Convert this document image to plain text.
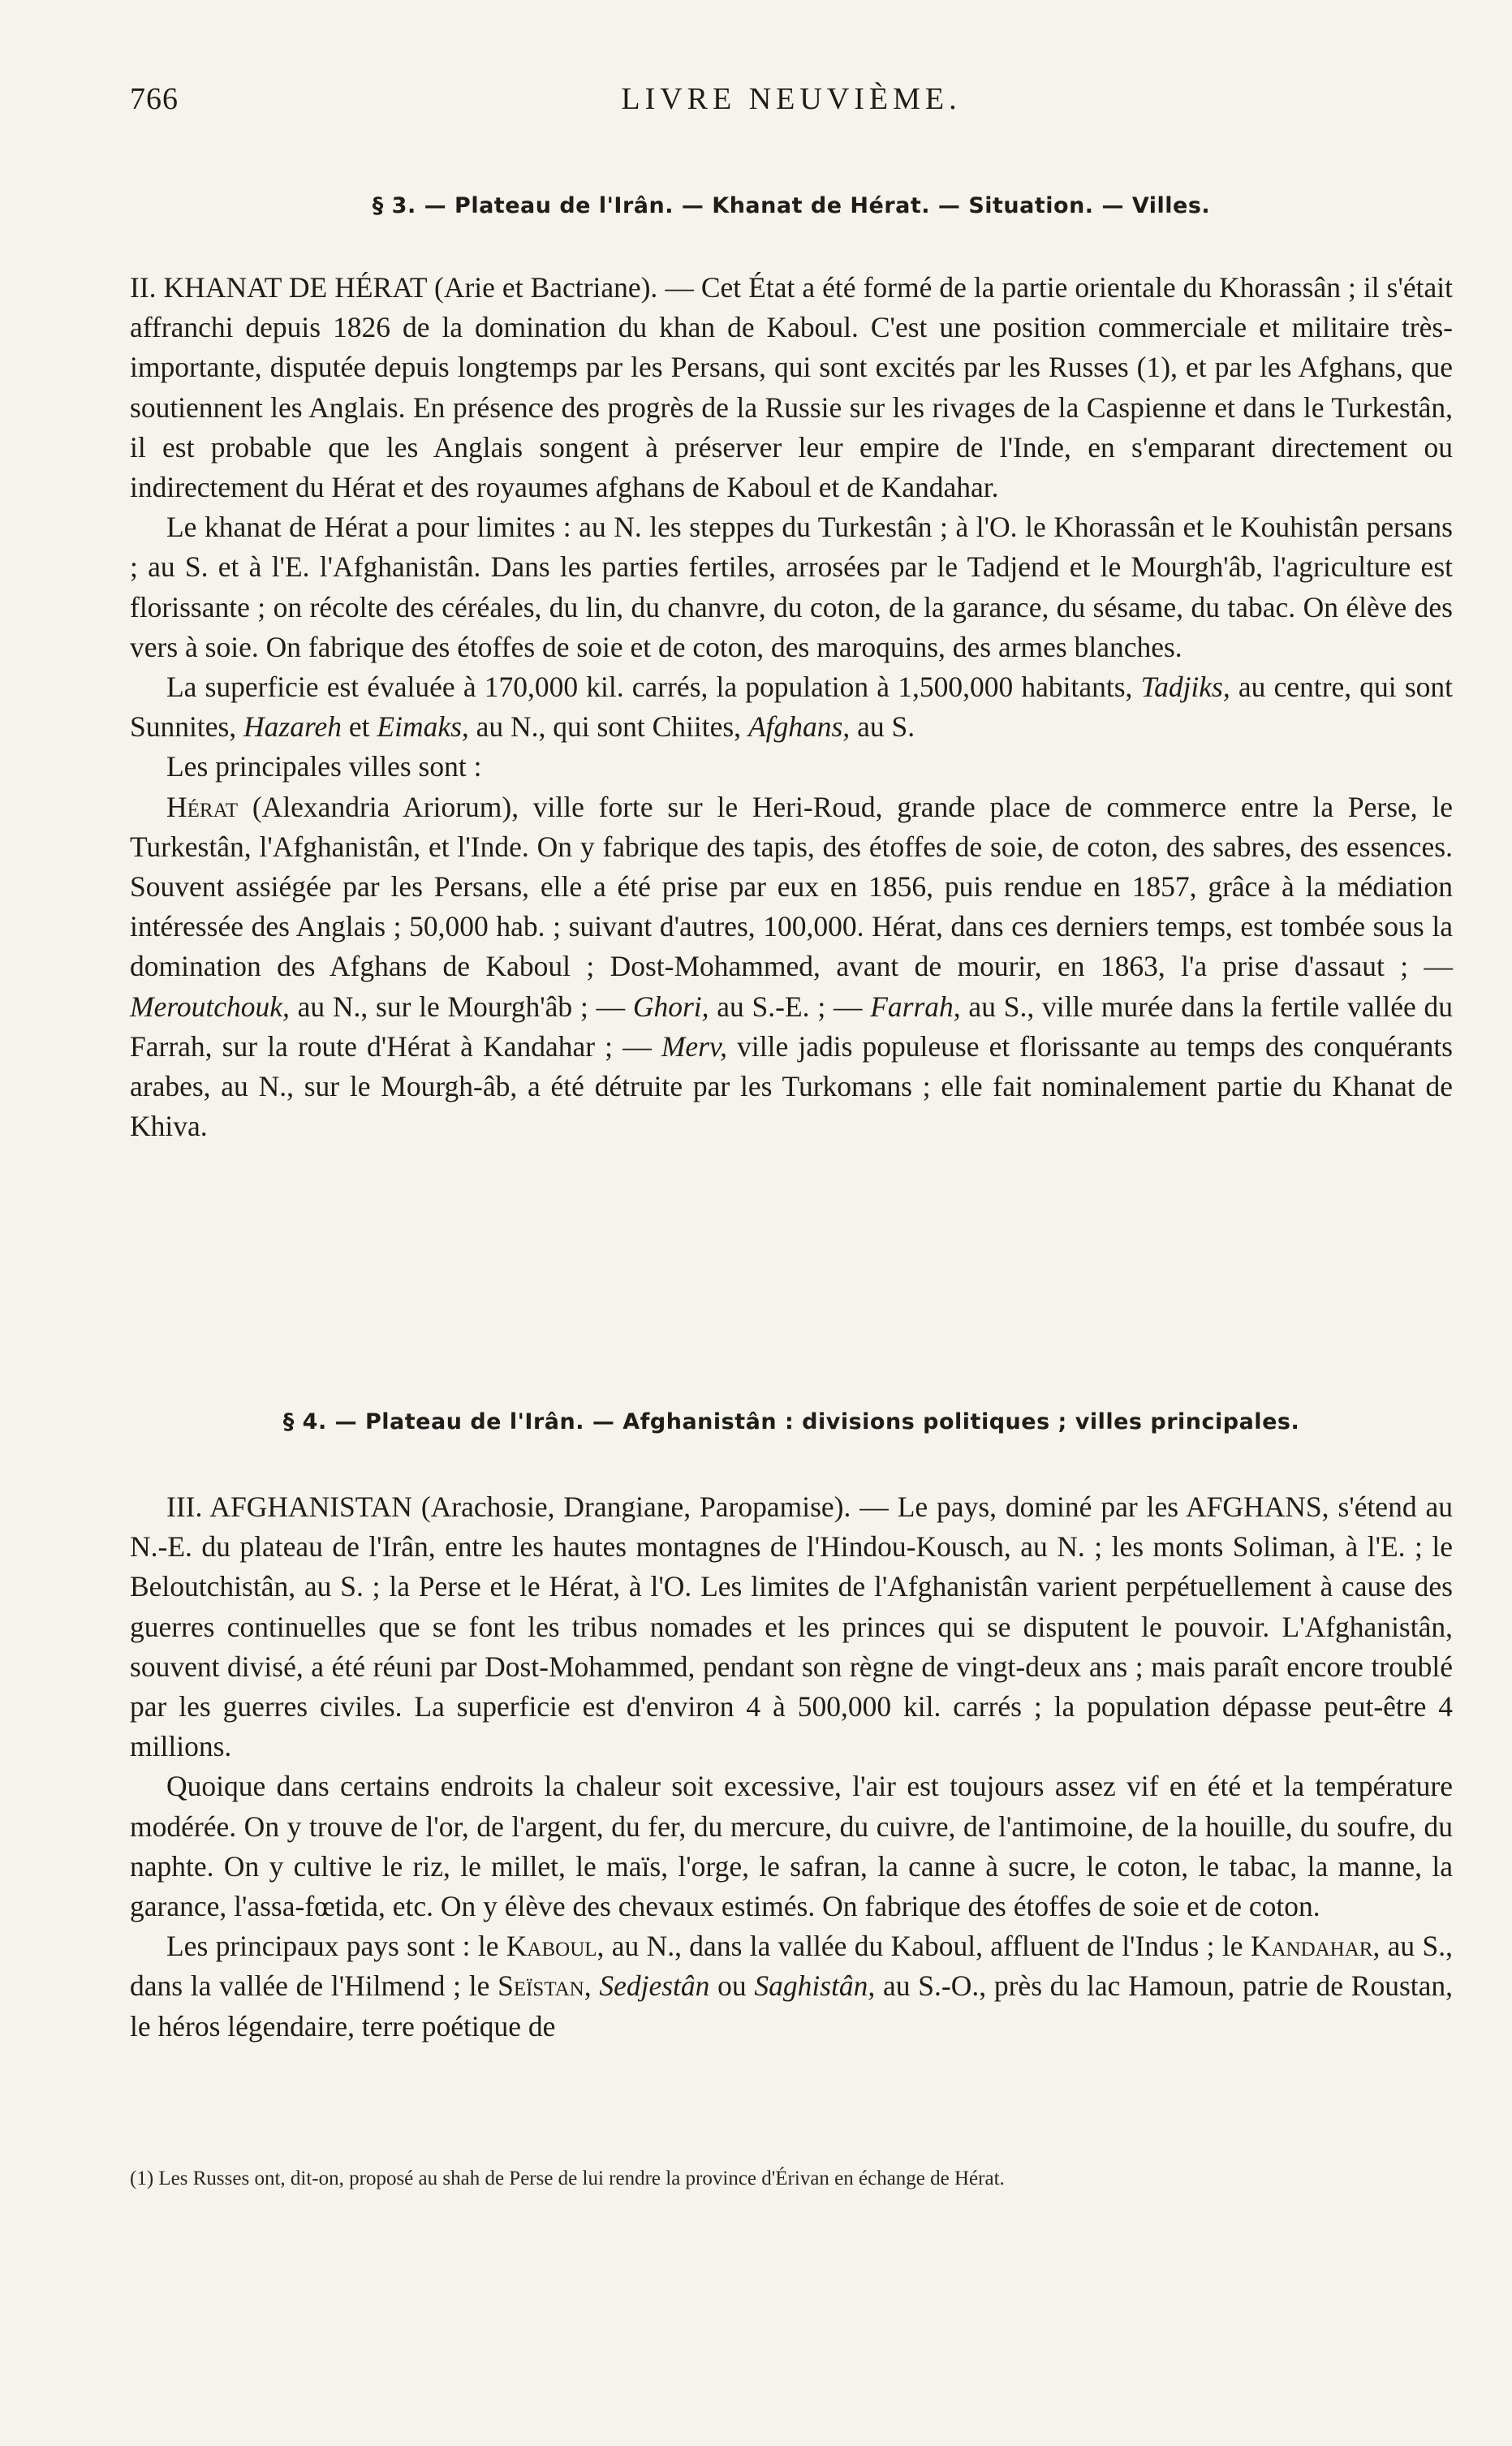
766	LIVRE NEUVIÈME.
§ 3. — Plateau de l'Irân. — Khanat de Hérat. — Situation. — Villes.

II. KHANAT DE HÉRAT (Arie et Bactriane). — Cet État a été formé de la partie orientale du Khorassân ; il s'était affranchi depuis 1826 de la domination du khan de Kaboul. C'est une position commerciale et militaire très-importante, disputée depuis longtemps par les Persans, qui sont excités par les Russes (1), et par les Afghans, que soutiennent les Anglais. En présence des progrès de la Russie sur les rivages de la Caspienne et dans le Turkestân, il est probable que les Anglais songent à préserver leur empire de l'Inde, en s'emparant directement ou indirectement du Hérat et des royaumes afghans de Kaboul et de Kandahar.

Le khanat de Hérat a pour limites : au N. les steppes du Turkestân ; à l'O. le Khorassân et le Kouhistân persans ; au S. et à l'E. l'Afghanistân. Dans les parties fertiles, arrosées par le Tadjend et le Mourgh'âb, l'agriculture est florissante ; on récolte des céréales, du lin, du chanvre, du coton, de la garance, du sésame, du tabac. On élève des vers à soie. On fabrique des étoffes de soie et de coton, des maroquins, des armes blanches.

La superficie est évaluée à 170,000 kil. carrés, la population à 1,500,000 habitants, Tadjiks, au centre, qui sont Sunnites, Hazareh et Eimaks, au N., qui sont Chiites, Afghans, au S.

Les principales villes sont :

Hérat (Alexandria Ariorum), ville forte sur le Heri-Roud, grande place de commerce entre la Perse, le Turkestân, l'Afghanistân, et l'Inde. On y fabrique des tapis, des étoffes de soie, de coton, des sabres, des essences. Souvent assiégée par les Persans, elle a été prise par eux en 1856, puis rendue en 1857, grâce à la médiation intéressée des Anglais ; 50,000 hab. ; suivant d'autres, 100,000. Hérat, dans ces derniers temps, est tombée sous la domination des Afghans de Kaboul ; Dost-Mohammed, avant de mourir, en 1863, l'a prise d'assaut ; — Meroutchouk, au N., sur le Mourgh'âb ; — Ghori, au S.-E. ; — Farrah, au S., ville murée dans la fertile vallée du Farrah, sur la route d'Hérat à Kandahar ; — Merv, ville jadis populeuse et florissante au temps des conquérants arabes, au N., sur le Mourgh-âb, a été détruite par les Turkomans ; elle fait nominalement partie du Khanat de Khiva.

§ 4. — Plateau de l'Irân. — Afghanistân : divisions politiques ; villes principales.

III. AFGHANISTAN (Arachosie, Drangiane, Paropamise). — Le pays, dominé par les AFGHANS, s'étend au N.-E. du plateau de l'Irân, entre les hautes montagnes de l'Hindou-Kousch, au N. ; les monts Soliman, à l'E. ; le Beloutchistân, au S. ; la Perse et le Hérat, à l'O. Les limites de l'Afghanistân varient perpétuellement à cause des guerres continuelles que se font les tribus nomades et les princes qui se disputent le pouvoir. L'Afghanistân, souvent divisé, a été réuni par Dost-Mohammed, pendant son règne de vingt-deux ans ; mais paraît encore troublé par les guerres civiles. La superficie est d'environ 4 à 500,000 kil. carrés ; la population dépasse peut-être 4 millions.

Quoique dans certains endroits la chaleur soit excessive, l'air est toujours assez vif en été et la température modérée. On y trouve de l'or, de l'argent, du fer, du mercure, du cuivre, de l'antimoine, de la houille, du soufre, du naphte. On y cultive le riz, le millet, le maïs, l'orge, le safran, la canne à sucre, le coton, le tabac, la manne, la garance, l'assa-fœtida, etc. On y élève des chevaux estimés. On fabrique des étoffes de soie et de coton.

Les principaux pays sont : le Kaboul, au N., dans la vallée du Kaboul, affluent de l'Indus ; le Kandahar, au S., dans la vallée de l'Hilmend ; le Seïstan, Sedjestân ou Saghistân, au S.-O., près du lac Hamoun, patrie de Roustan, le héros légendaire, terre poétique de

(1) Les Russes ont, dit-on, proposé au shah de Perse de lui rendre la province d'Érivan en échange de Hérat.
